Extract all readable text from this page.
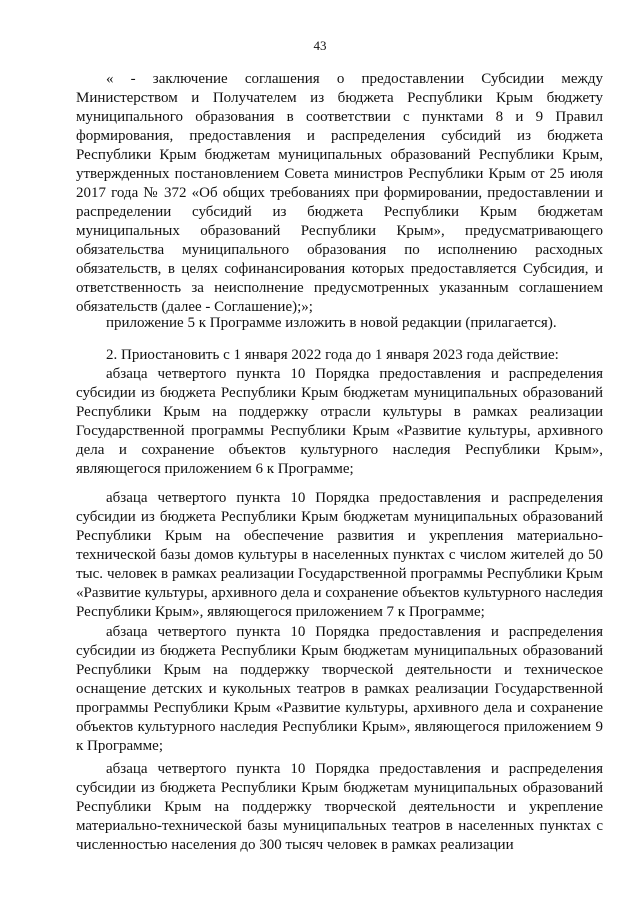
43
« - заключение соглашения о предоставлении Субсидии между Министерством и Получателем из бюджета Республики Крым бюджету муниципального образования в соответствии с пунктами 8 и 9 Правил формирования, предоставления и распределения субсидий из бюджета Республики Крым бюджетам муниципальных образований Республики Крым, утвержденных постановлением Совета министров Республики Крым от 25 июля 2017 года № 372 «Об общих требованиях при формировании, предоставлении и распределении субсидий из бюджета Республики Крым бюджетам муниципальных образований Республики Крым», предусматривающего обязательства муниципального образования по исполнению расходных обязательств, в целях софинансирования которых предоставляется Субсидия, и ответственность за неисполнение предусмотренных указанным соглашением обязательств (далее - Соглашение);»;
приложение 5 к Программе изложить в новой редакции (прилагается).
2. Приостановить с 1 января 2022 года до 1 января 2023 года действие:
абзаца четвертого пункта 10 Порядка предоставления и распределения субсидии из бюджета Республики Крым бюджетам муниципальных образований Республики Крым на поддержку отрасли культуры в рамках реализации Государственной программы Республики Крым «Развитие культуры, архивного дела и сохранение объектов культурного наследия Республики Крым», являющегося приложением 6 к Программе;
абзаца четвертого пункта 10 Порядка предоставления и распределения субсидии из бюджета Республики Крым бюджетам муниципальных образований Республики Крым на обеспечение развития и укрепления материально-технической базы домов культуры в населенных пунктах с числом жителей до 50 тыс. человек в рамках реализации Государственной программы Республики Крым «Развитие культуры, архивного дела и сохранение объектов культурного наследия Республики Крым», являющегося приложением 7 к Программе;
абзаца четвертого пункта 10 Порядка предоставления и распределения субсидии из бюджета Республики Крым бюджетам муниципальных образований Республики Крым на поддержку творческой деятельности и техническое оснащение детских и кукольных театров в рамках реализации Государственной программы Республики Крым «Развитие культуры, архивного дела и сохранение объектов культурного наследия Республики Крым», являющегося приложением 9 к Программе;
абзаца четвертого пункта 10 Порядка предоставления и распределения субсидии из бюджета Республики Крым бюджетам муниципальных образований Республики Крым на поддержку творческой деятельности и укрепление материально-технической базы муниципальных театров в населенных пунктах с численностью населения до 300 тысяч человек в рамках реализации
